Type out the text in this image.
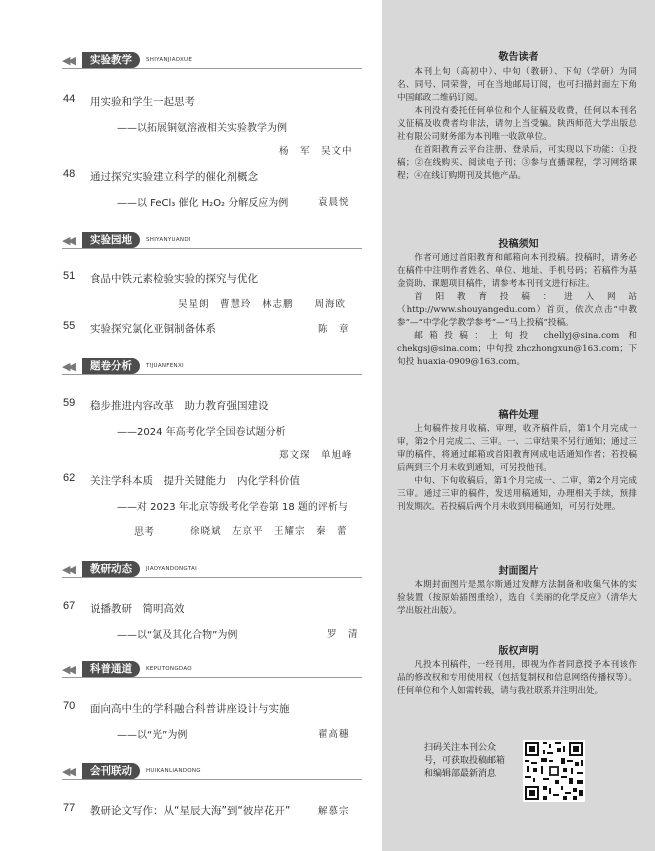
◀◀	实验教学	SHIYANJIAOXUE
44 用实验和学生一起思考
——以拓展铜氨溶液相关实验教学为例
杨　军　吴文中
48 通过探究实验建立科学的催化剂概念
——以 FeCl₃ 催化 H₂O₂ 分解反应为例	袁晨悦
◀◀	实验园地	SHIYANYUANDI
51 食品中铁元素检验实验的探究与优化
吴星朗　曹慧玲　林志鹏　　周海欧
55 实验探究氯化亚铜制备体系	陈　章
◀◀	题卷分析	TIJUANFENXI
59 稳步推进内容改革　助力教育强国建设
——2024 年高考化学全国卷试题分析
郑文琛　单旭峰
62 关注学科本质　提升关键能力　内化学科价值
——对 2023 年北京等级考化学卷第 18 题的评析与
思考	徐晓斌　左京平　王耀宗　秦　蕾
◀◀	教研动态	JIAOYANDONGTAI
67 说播教研　简明高效
——以“氯及其化合物”为例	罗　清
◀◀	科普通道	KEPUTONGDAO
70 面向高中生的学科融合科普讲座设计与实施
——以“光”为例	翟高穗
◀◀	会刊联动	HUIKANLIANDONG
77 教研论文写作：从“星辰大海”到“彼岸花开”	解慕宗
敬告读者

本刊上旬（高初中）、中旬（教研）、下旬（学研）为同名、同号、同荣誉，可在当地邮局订阅，也可扫描封面左下角中国邮政二维码订阅。

本刊没有委托任何单位和个人征稿及收费，任何以本刊名义征稿及收费者均非法，请勿上当受骗。陕西师范大学出版总社有限公司财务部为本刊唯一收款单位。

在首阳教育云平台注册、登录后，可实现以下功能：①投稿；②在线购买、阅读电子刊；③参与直播课程，学习网络课程；④在线订购期刊及其他产品。

投稿须知

作者可通过首阳教育和邮箱向本刊投稿。投稿时，请务必在稿件中注明作者姓名、单位、地址、手机号码；若稿件为基金资助、课题项目稿件，请参考本刊刊文进行标注。

首阳教育投稿：进入网站（http://www.shouyangedu.com）首页，依次点击“中教参”—“中学化学教学参考”—“马上投稿”投稿。

邮箱投稿：上旬投 chellyj@sina.com 和 chekgsj@sina.com；中旬投 zhczhongxun@163.com；下旬投 huaxia-0909@163.com。

稿件处理

上旬稿件按月收稿、审理，收齐稿件后，第1个月完成一审，第2个月完成二、三审。一、二审结果不另行通知；通过三审的稿件，将通过邮箱或首阳教育网成电话通知作者；若投稿后两到三个月未收到通知，可另投他刊。

中旬、下旬收稿后，第1个月完成一、二审，第2个月完成三审。通过三审的稿件，发送用稿通知，办理相关手续，预排刊发期次。若投稿后两个月未收到用稿通知，可另行处理。

封面图片

本期封面图片是黑尔斯通过发酵方法制备和收集气体的实验装置（按原始插图重绘），选自《美丽的化学反应》（清华大学出版社出版）。

版权声明

凡投本刊稿件，一经刊用，即视为作者同意授予本刊该作品的修改权和专用使用权（包括复制权和信息网络传播权等）。任何单位和个人如需转载，请与我社联系并注明出处。

扫码关注本刊公众号，可获取投稿邮箱和编辑部最新消息
